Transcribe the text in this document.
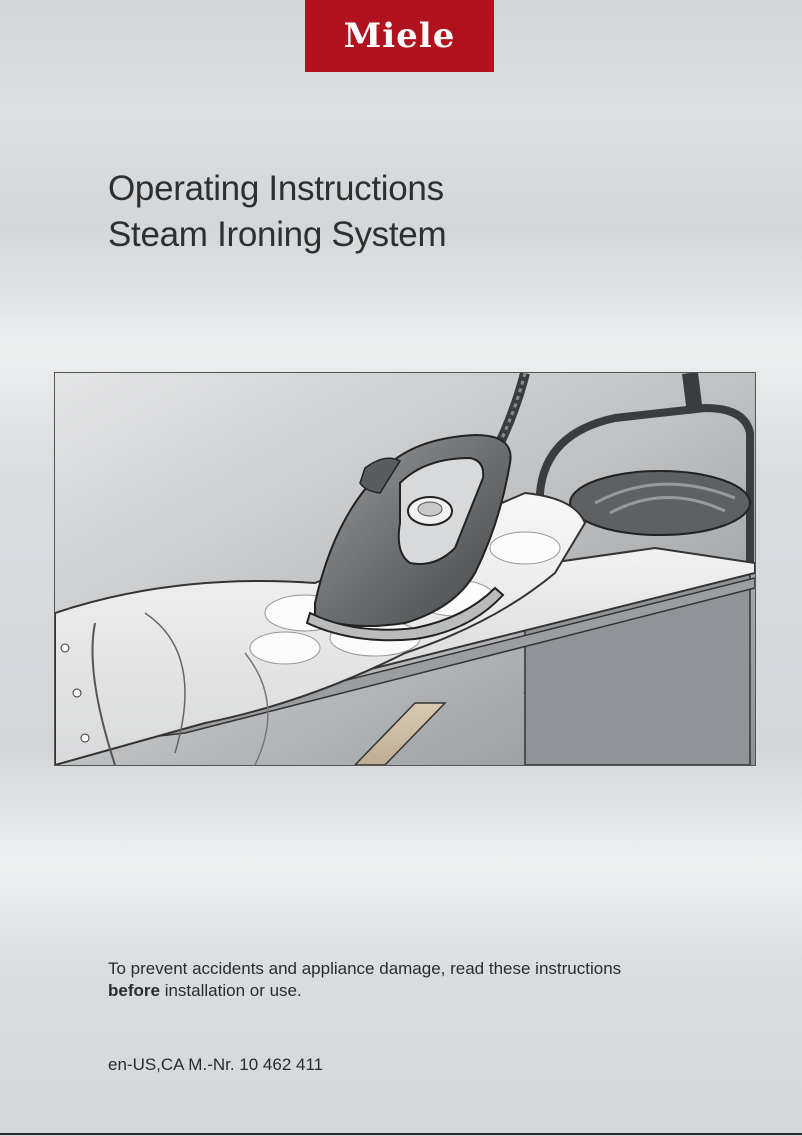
Miele
Operating Instructions
Steam Ironing System
To prevent accidents and appliance damage, read these instructions
before installation or use.
en-US,CA M.-Nr. 10 462 411
